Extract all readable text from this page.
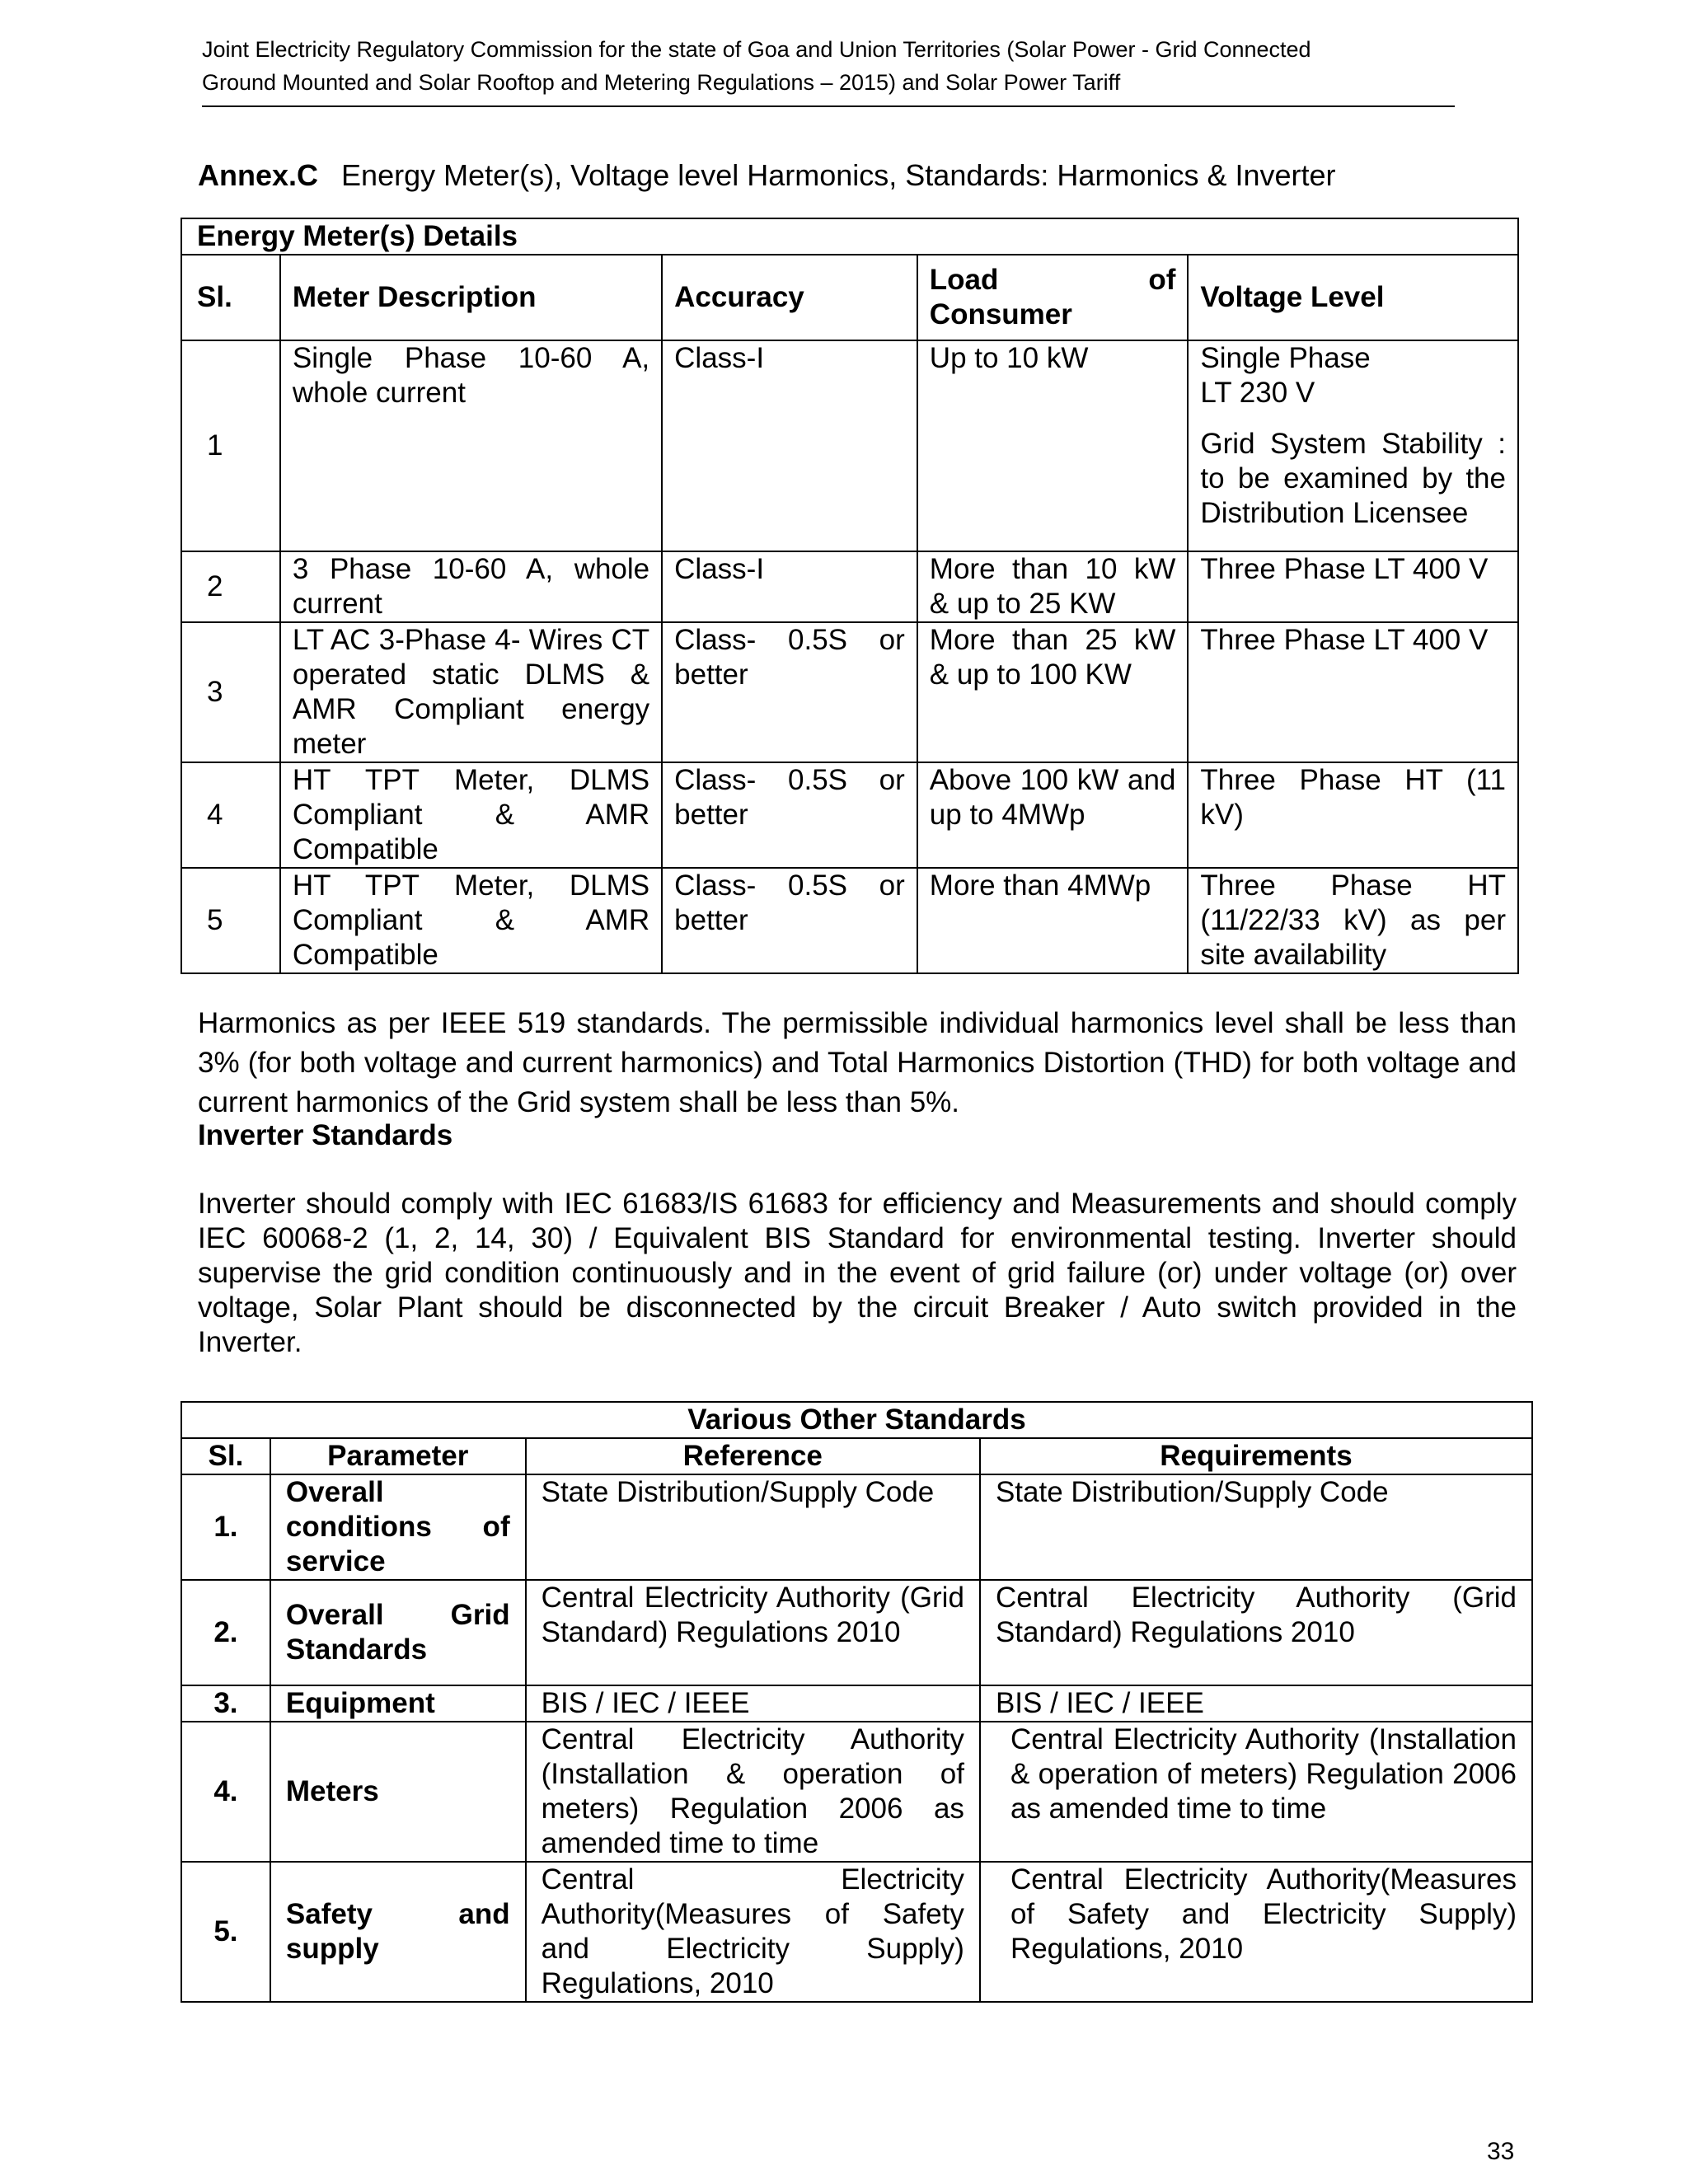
Joint Electricity Regulatory Commission for the state of Goa and Union Territories (Solar Power - Grid Connected
Ground Mounted and Solar Rooftop and Metering Regulations – 2015) and Solar Power Tariff
Annex.C Energy Meter(s), Voltage level Harmonics, Standards: Harmonics & Inverter
Energy Meter(s) Details				
Sl.	Meter Description	Accuracy	Load of Consumer	Voltage Level
1	Single Phase 10-60 A, whole current	Class-I	Up to 10 kW	Single Phase LT 230 V
Grid System Stability : to be examined by the Distribution Licensee

2	3 Phase 10-60 A, whole current	Class-I	More than 10 kW & up to 25 KW	Three Phase LT 400 V
3	LT AC 3-Phase 4- Wires CT operated static DLMS & AMR Compliant energy meter	Class- 0.5S or better	More than 25 kW & up to 100 KW	Three Phase LT 400 V
4	HT TPT Meter, DLMS Compliant & AMR Compatible	Class- 0.5S or better	Above 100 kW and up to 4MWp	Three Phase HT (11 kV)
5	HT TPT Meter, DLMS Compliant & AMR Compatible	Class- 0.5S or better	More than 4MWp	Three Phase HT (11/22/33 kV) as per site availability
Harmonics as per IEEE 519 standards. The permissible individual harmonics level shall be less than 3% (for both voltage and current harmonics) and Total Harmonics Distortion (THD) for both voltage and current harmonics of the Grid system shall be less than 5%.
Inverter Standards
Inverter should comply with IEC 61683/IS 61683 for efficiency and Measurements and should comply IEC 60068-2 (1, 2, 14, 30) / Equivalent BIS Standard for environmental testing. Inverter should supervise the grid condition continuously and in the event of grid failure (or) under voltage (or) over voltage, Solar Plant should be disconnected by the circuit Breaker / Auto switch provided in the Inverter.
Various Other Standards			
Sl.	Parameter	Reference	Requirements
1.	Overall conditions of service	State Distribution/Supply Code	State Distribution/Supply Code
2.	Overall Grid Standards	Central Electricity Authority (Grid Standard) Regulations 2010	Central Electricity Authority (Grid Standard) Regulations 2010
3.	Equipment	BIS / IEC / IEEE	BIS / IEC / IEEE
4.	Meters	Central Electricity Authority (Installation & operation of meters) Regulation 2006 as amended time to time	Central Electricity Authority (Installation & operation of meters) Regulation 2006 as amended time to time
5.	Safety and supply	Central Electricity Authority(Measures of Safety and Electricity Supply) Regulations, 2010	Central Electricity Authority(Measures of Safety and Electricity Supply) Regulations, 2010
33
